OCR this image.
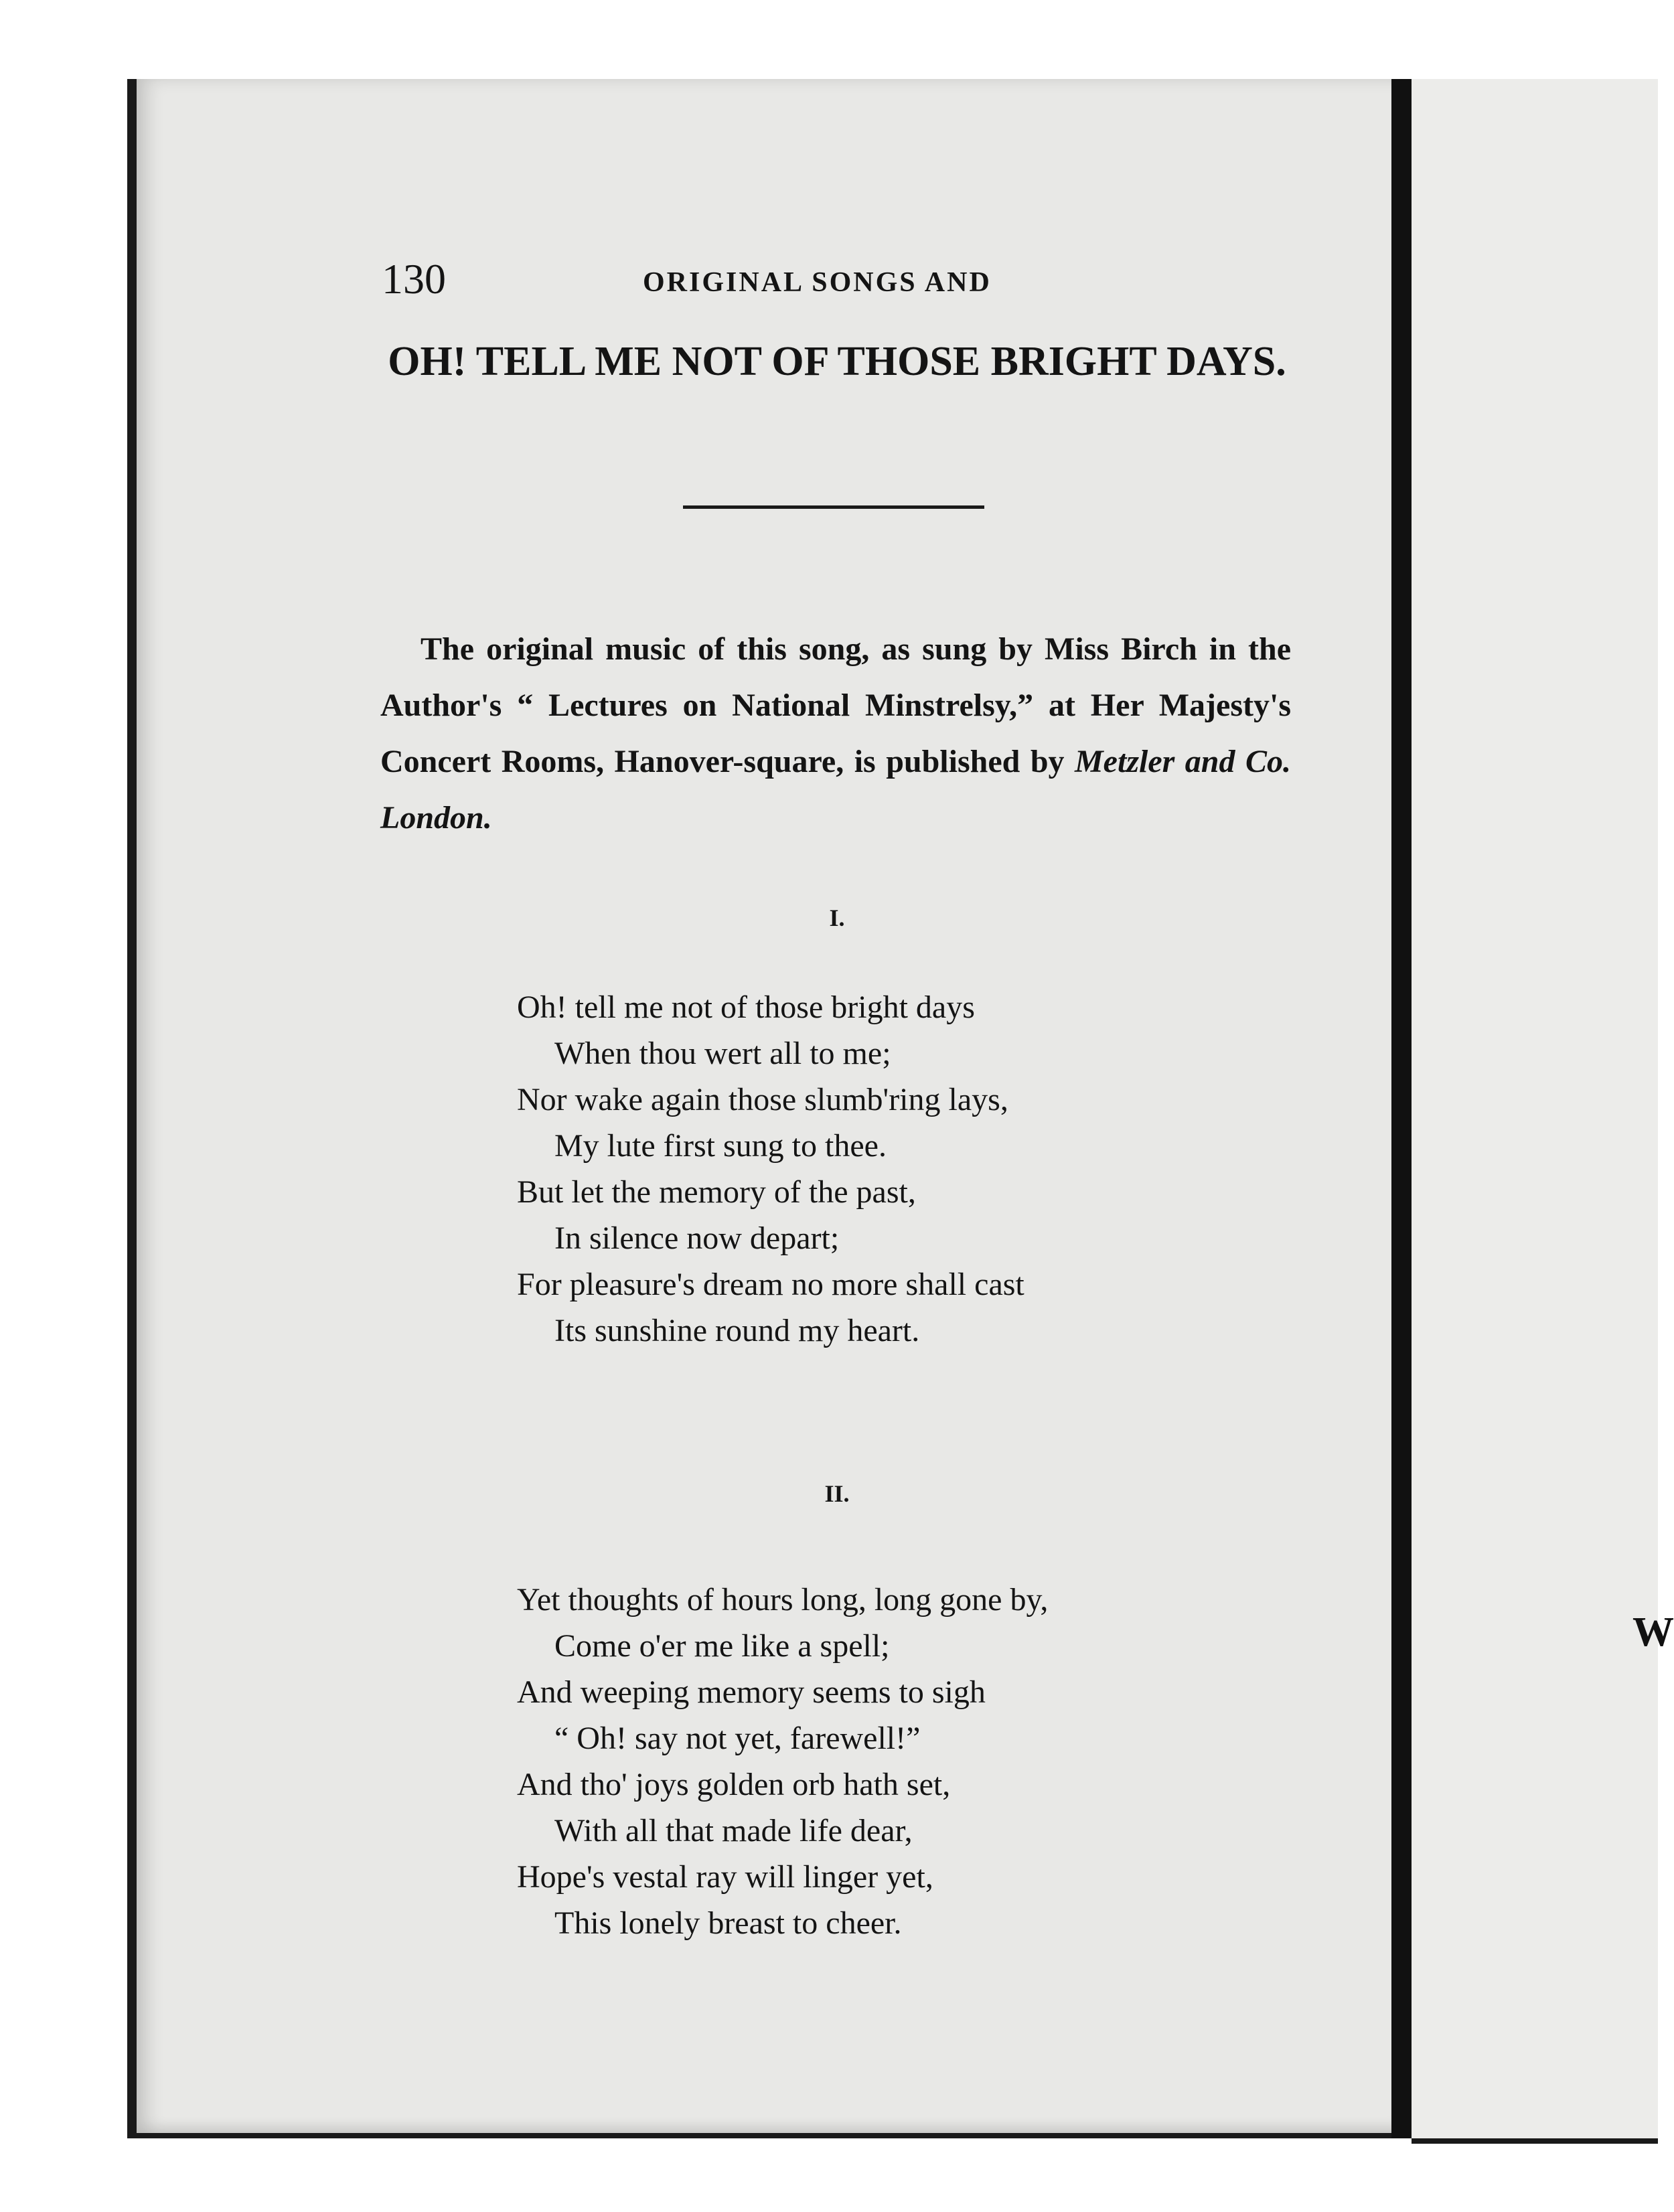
W
130	ORIGINAL SONGS AND
OH! TELL ME NOT OF THOSE BRIGHT DAYS.

The original music of this song, as sung by Miss Birch in the Author's “ Lectures on National Minstrelsy,” at Her Majesty's Concert Rooms, Hanover-square, is published by Metzler and Co. London.

I.
Oh! tell me not of those bright days
When thou wert all to me;
Nor wake again those slumb'ring lays,
My lute first sung to thee.
But let the memory of the past,
In silence now depart;
For pleasure's dream no more shall cast
Its sunshine round my heart.
II.
Yet thoughts of hours long, long gone by,
Come o'er me like a spell;
And weeping memory seems to sigh
“ Oh! say not yet, farewell!”
And tho' joys golden orb hath set,
With all that made life dear,
Hope's vestal ray will linger yet,
This lonely breast to cheer.
